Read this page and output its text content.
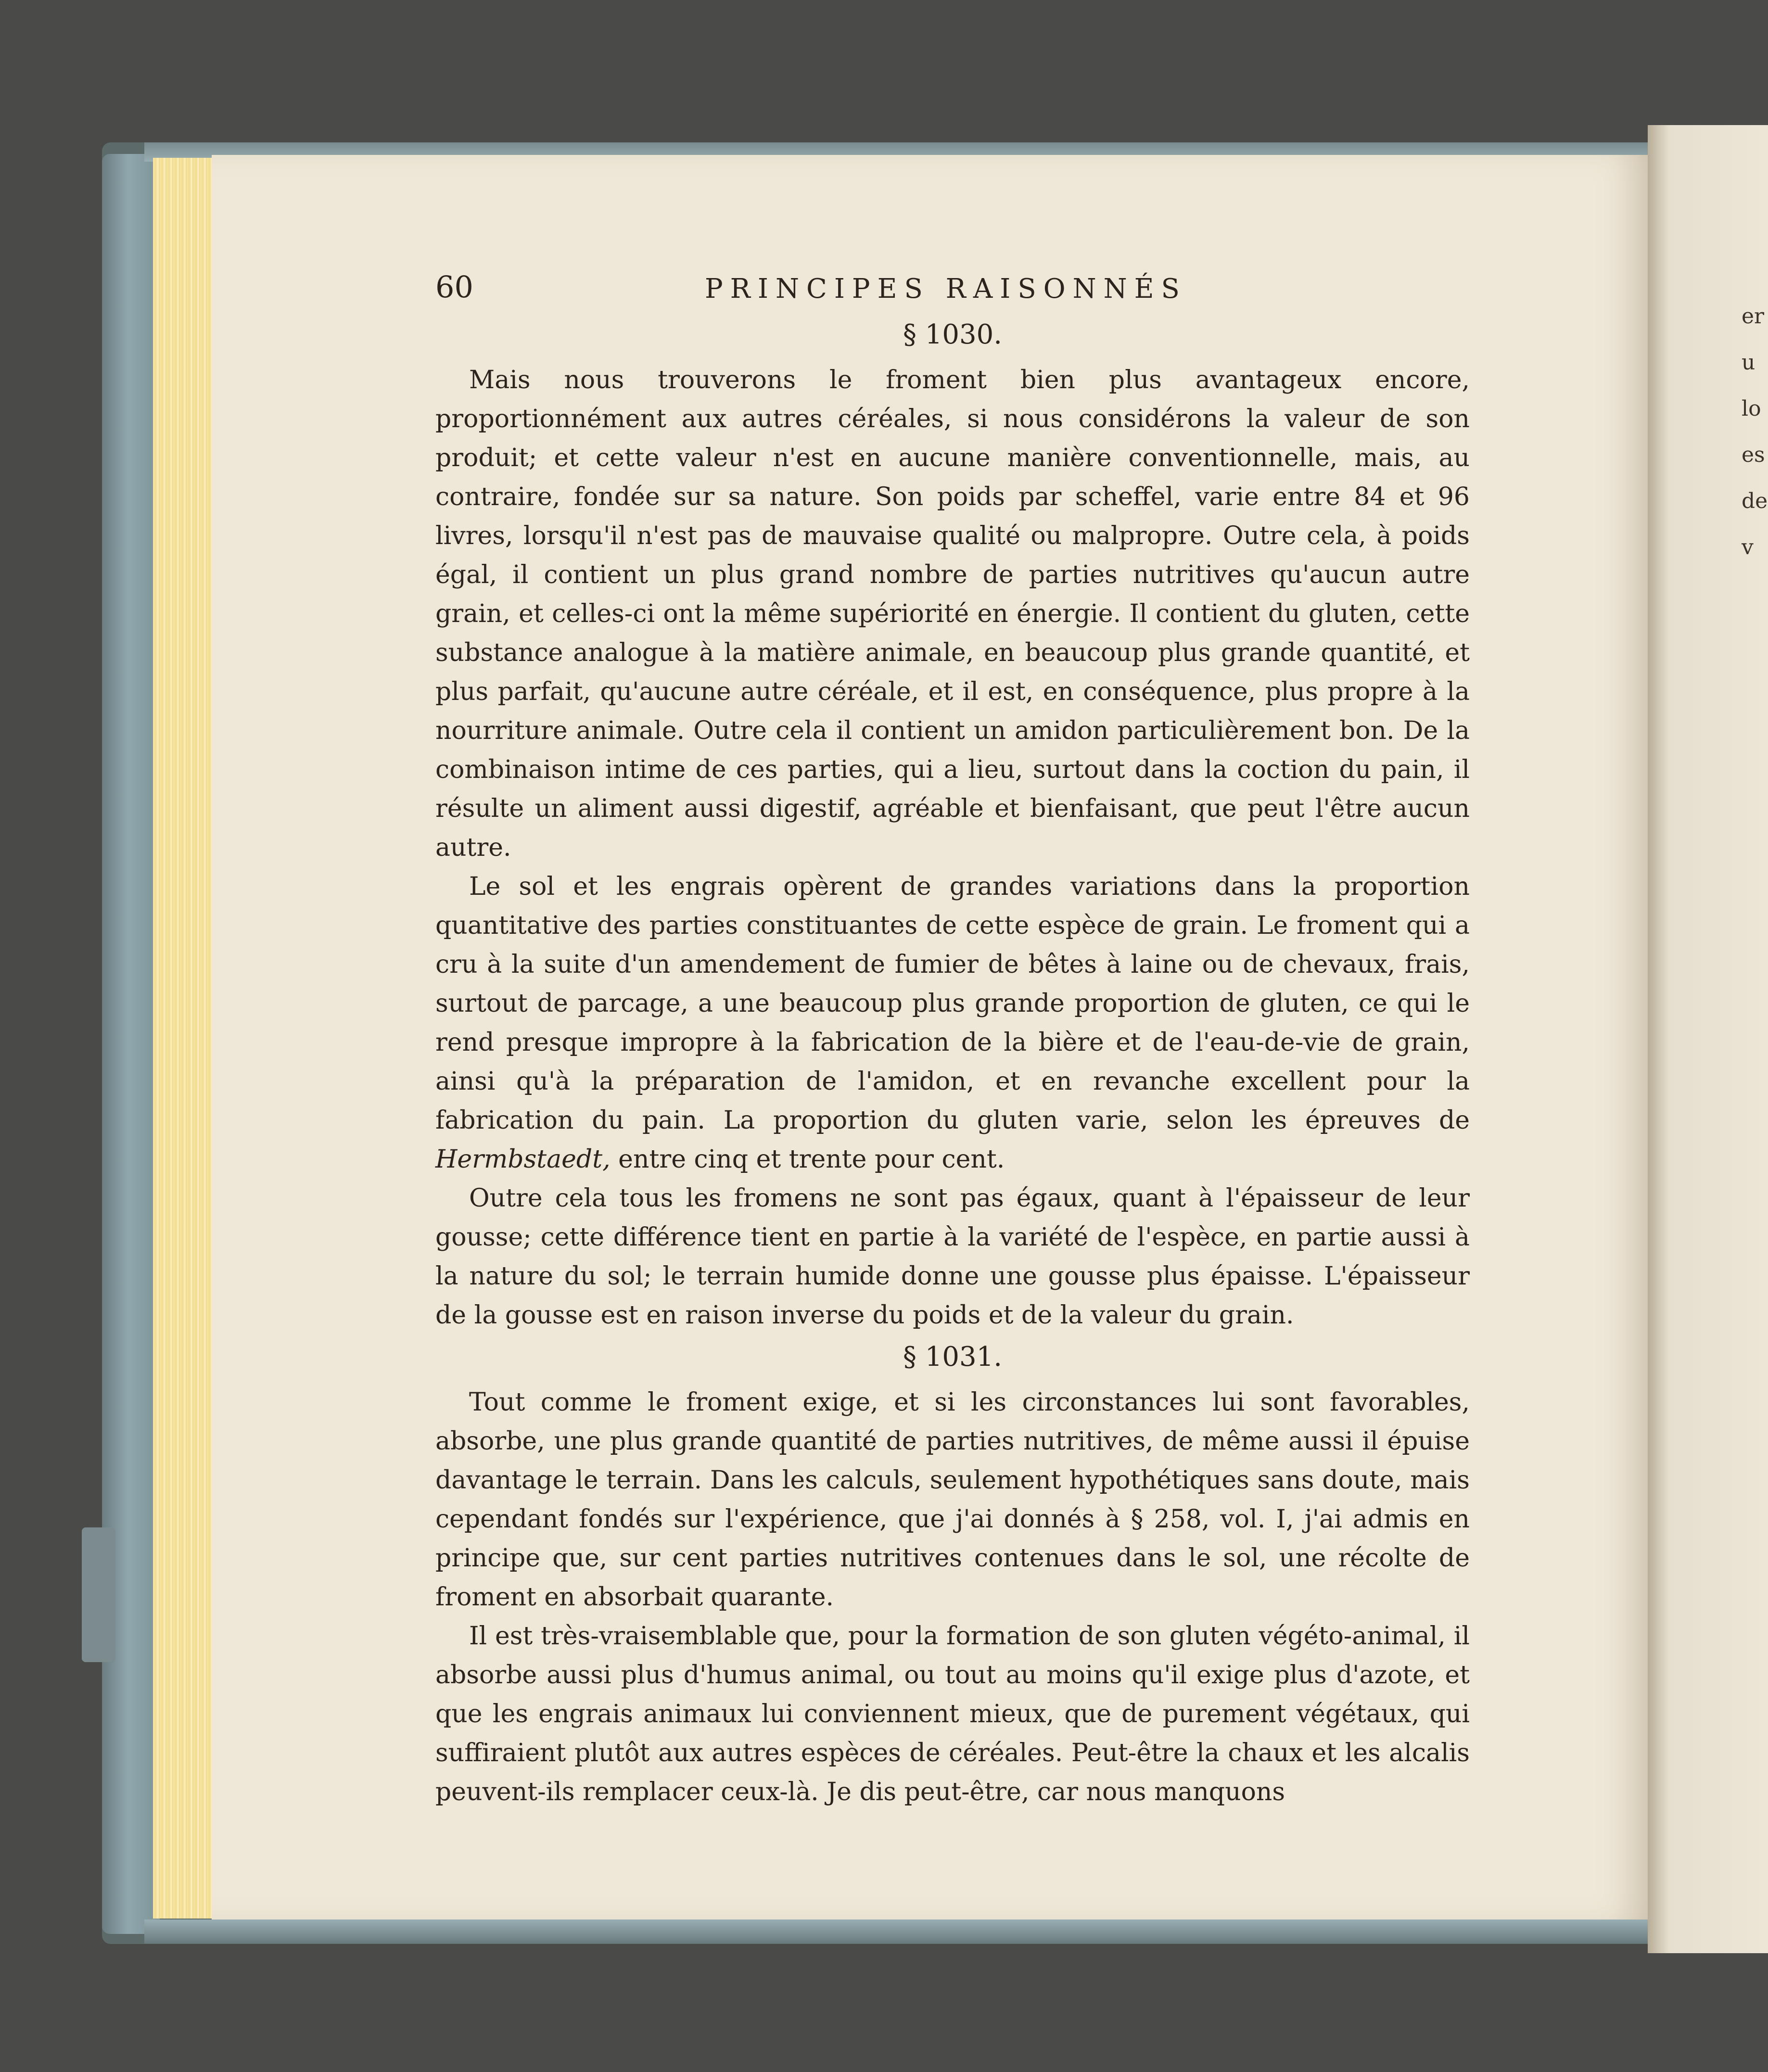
er
u
lo
es
de
v
60	PRINCIPES RAISONNÉS
§ 1030.

Mais nous trouverons le froment bien plus avantageux encore, proportionnément aux autres céréales, si nous considérons la valeur de son produit; et cette valeur n'est en aucune manière conventionnelle, mais, au contraire, fondée sur sa nature. Son poids par scheffel, varie entre 84 et 96 livres, lorsqu'il n'est pas de mauvaise qualité ou malpropre. Outre cela, à poids égal, il contient un plus grand nombre de parties nutritives qu'aucun autre grain, et celles-ci ont la même supériorité en énergie. Il contient du gluten, cette substance analogue à la matière animale, en beaucoup plus grande quantité, et plus parfait, qu'aucune autre céréale, et il est, en conséquence, plus propre à la nourriture animale. Outre cela il contient un amidon particulièrement bon. De la combinaison intime de ces parties, qui a lieu, surtout dans la coction du pain, il résulte un aliment aussi digestif, agréable et bienfaisant, que peut l'être aucun autre.

Le sol et les engrais opèrent de grandes variations dans la proportion quantitative des parties constituantes de cette espèce de grain. Le froment qui a cru à la suite d'un amendement de fumier de bêtes à laine ou de chevaux, frais, surtout de parcage, a une beaucoup plus grande proportion de gluten, ce qui le rend presque impropre à la fabrication de la bière et de l'eau-de-vie de grain, ainsi qu'à la préparation de l'amidon, et en revanche excellent pour la fabrication du pain. La proportion du gluten varie, selon les épreuves de Hermbstaedt, entre cinq et trente pour cent.

Outre cela tous les fromens ne sont pas égaux, quant à l'épaisseur de leur gousse; cette différence tient en partie à la variété de l'espèce, en partie aussi à la nature du sol; le terrain humide donne une gousse plus épaisse. L'épaisseur de la gousse est en raison inverse du poids et de la valeur du grain.

§ 1031.

Tout comme le froment exige, et si les circonstances lui sont favorables, absorbe, une plus grande quantité de parties nutritives, de même aussi il épuise davantage le terrain. Dans les calculs, seulement hypothétiques sans doute, mais cependant fondés sur l'expérience, que j'ai donnés à § 258, vol. I, j'ai admis en principe que, sur cent parties nutritives contenues dans le sol, une récolte de froment en absorbait quarante.

Il est très-vraisemblable que, pour la formation de son gluten végéto-animal, il absorbe aussi plus d'humus animal, ou tout au moins qu'il exige plus d'azote, et que les engrais animaux lui conviennent mieux, que de purement végétaux, qui suffiraient plutôt aux autres espèces de céréales. Peut-être la chaux et les alcalis peuvent-ils remplacer ceux-là. Je dis peut-être, car nous manquons
